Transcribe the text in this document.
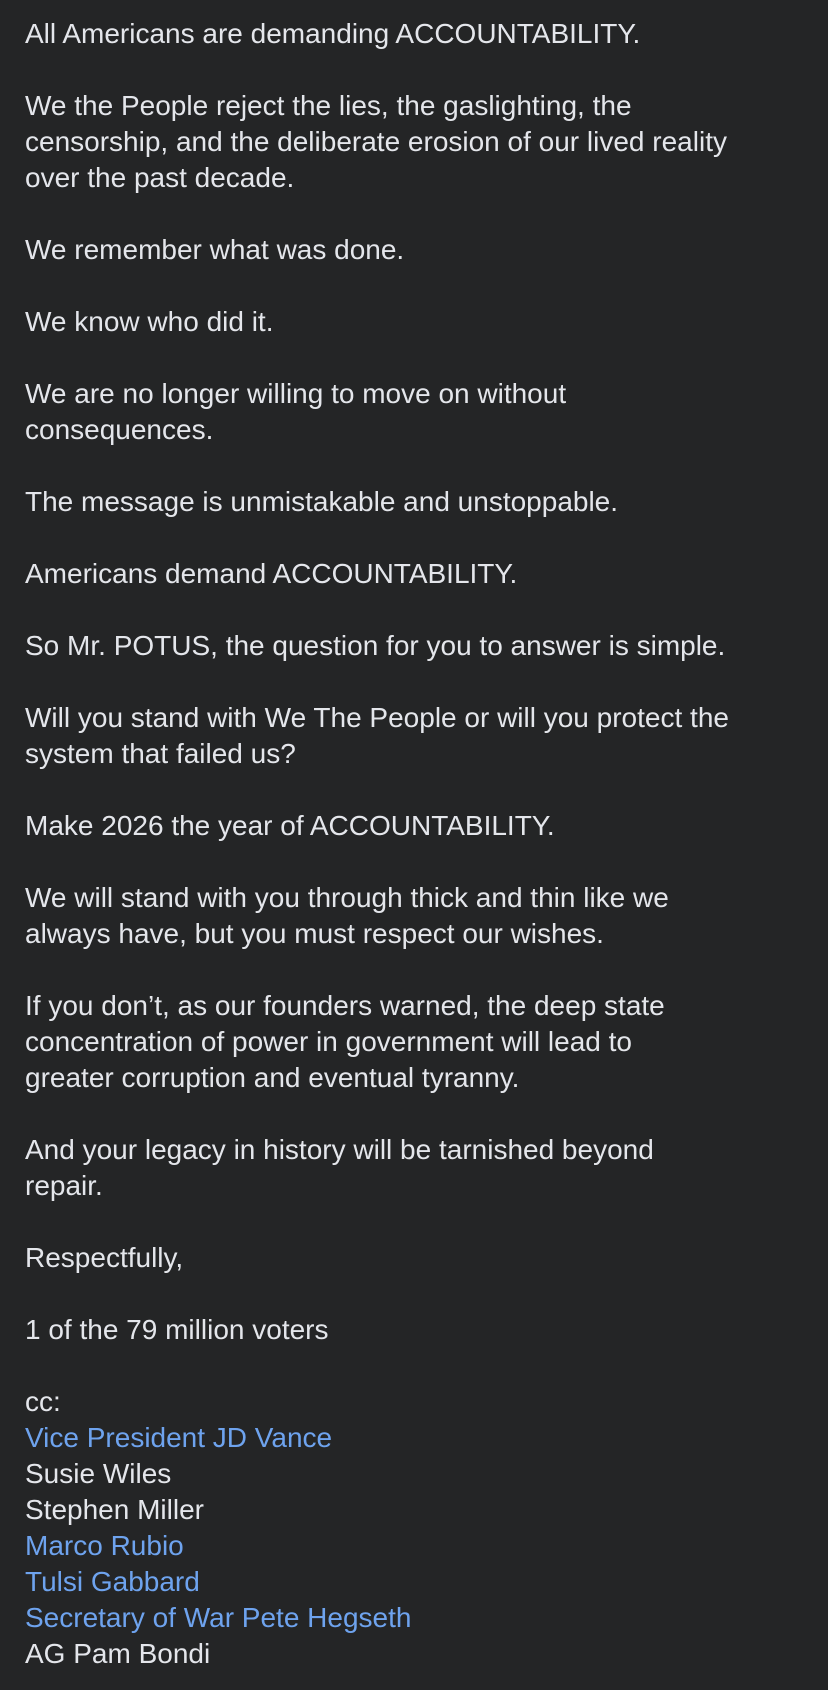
All Americans are demanding ACCOUNTABILITY.

We the People reject the lies, the gaslighting, the
censorship, and the deliberate erosion of our lived reality
over the past decade.

We remember what was done.

We know who did it.

We are no longer willing to move on without
consequences.

The message is unmistakable and unstoppable.

Americans demand ACCOUNTABILITY.

So Mr. POTUS, the question for you to answer is simple.

Will you stand with We The People or will you protect the
system that failed us?

Make 2026 the year of ACCOUNTABILITY.

We will stand with you through thick and thin like we
always have, but you must respect our wishes.

If you don’t, as our founders warned, the deep state
concentration of power in government will lead to
greater corruption and eventual tyranny.

And your legacy in history will be tarnished beyond
repair.

Respectfully,

1 of the 79 million voters

cc:
Vice President JD Vance
Susie Wiles
Stephen Miller
Marco Rubio
Tulsi Gabbard
Secretary of War Pete Hegseth
AG Pam Bondi
